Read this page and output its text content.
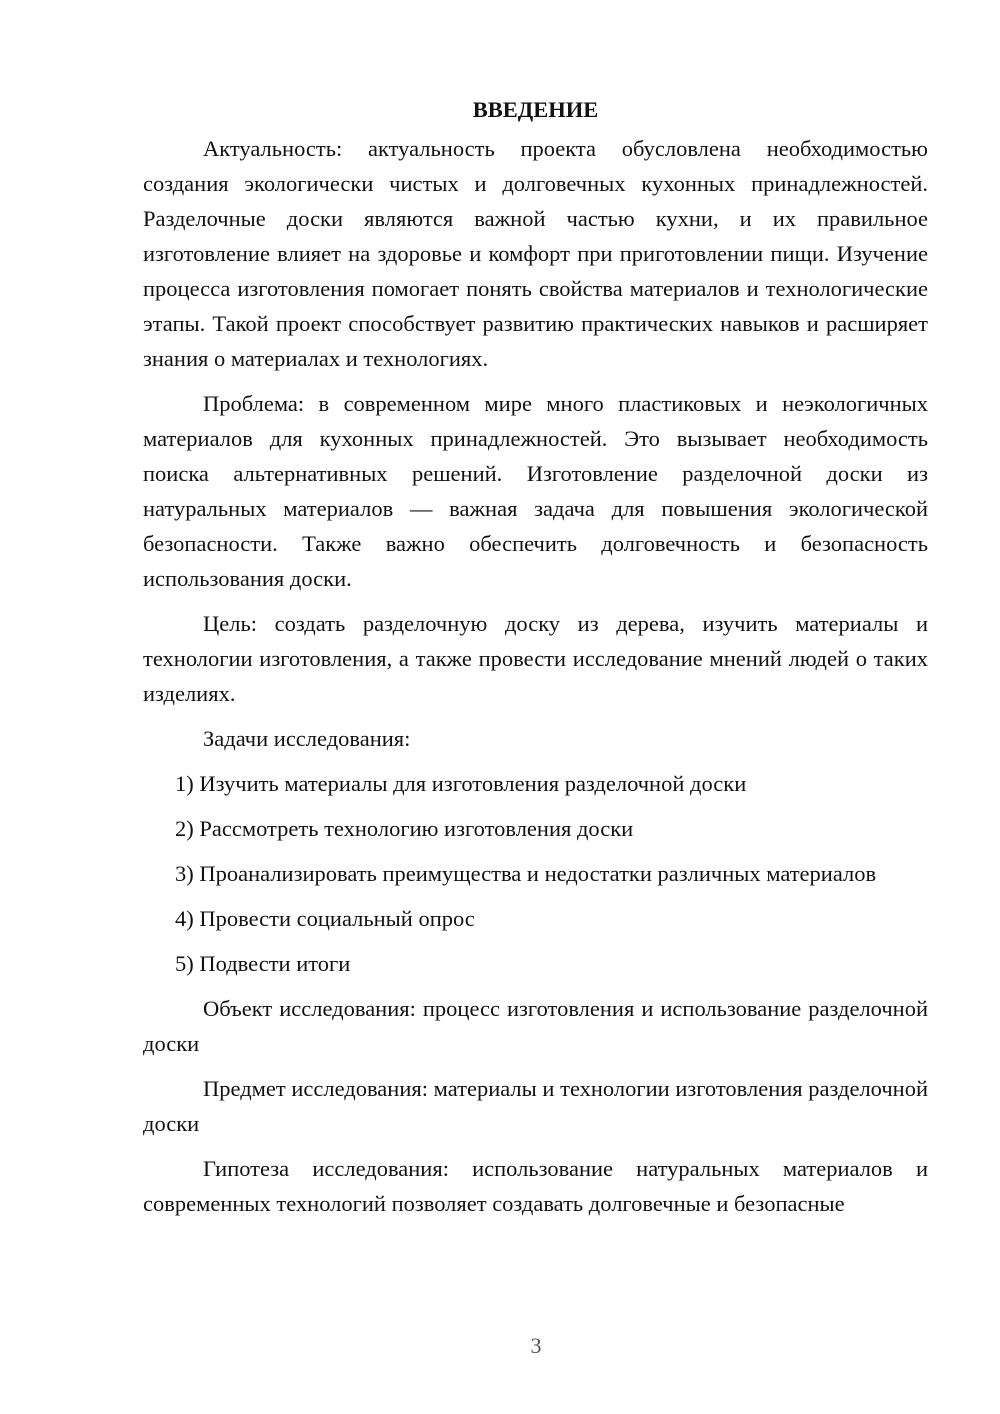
ВВЕДЕНИЕ

Актуальность: актуальность проекта обусловлена необходимостью создания экологически чистых и долговечных кухонных принадлежностей. Разделочные доски являются важной частью кухни, и их правильное изготовление влияет на здоровье и комфорт при приготовлении пищи. Изучение процесса изготовления помогает понять свойства материалов и технологические этапы. Такой проект способствует развитию практических навыков и расширяет знания о материалах и технологиях.

Проблема: в современном мире много пластиковых и неэкологичных материалов для кухонных принадлежностей. Это вызывает необходимость поиска альтернативных решений. Изготовление разделочной доски из натуральных материалов — важная задача для повышения экологической безопасности. Также важно обеспечить долговечность и безопасность использования доски.

Цель: создать разделочную доску из дерева, изучить материалы и технологии изготовления, а также провести исследование мнений людей о таких изделиях.

Задачи исследования:

1) Изучить материалы для изготовления разделочной доски

2) Рассмотреть технологию изготовления доски

3) Проанализировать преимущества и недостатки различных материалов

4) Провести социальный опрос

5) Подвести итоги

Объект исследования: процесс изготовления и использование разделочной доски

Предмет исследования: материалы и технологии изготовления разделочной доски

Гипотеза исследования: использование натуральных материалов и современных технологий позволяет создавать долговечные и безопасные

3
